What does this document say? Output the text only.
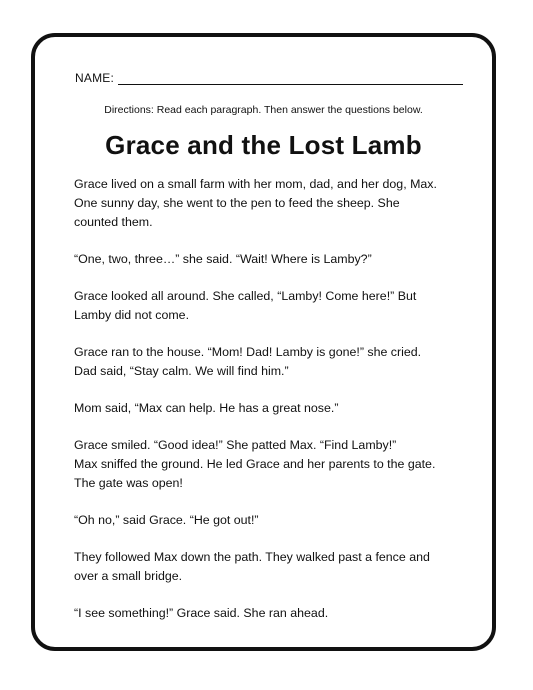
NAME:
Directions: Read each paragraph. Then answer the questions below.
Grace and the Lost Lamb

Grace lived on a small farm with her mom, dad, and her dog, Max.
One sunny day, she went to the pen to feed the sheep. She
counted them.

“One, two, three…” she said. “Wait! Where is Lamby?”

Grace looked all around. She called, “Lamby! Come here!” But
Lamby did not come.

Grace ran to the house. “Mom! Dad! Lamby is gone!” she cried.
Dad said, “Stay calm. We will find him.”

Mom said, “Max can help. He has a great nose.”

Grace smiled. “Good idea!” She patted Max. “Find Lamby!”
Max sniffed the ground. He led Grace and her parents to the gate.
The gate was open!

“Oh no,” said Grace. “He got out!”

They followed Max down the path. They walked past a fence and
over a small bridge.

“I see something!” Grace said. She ran ahead.
